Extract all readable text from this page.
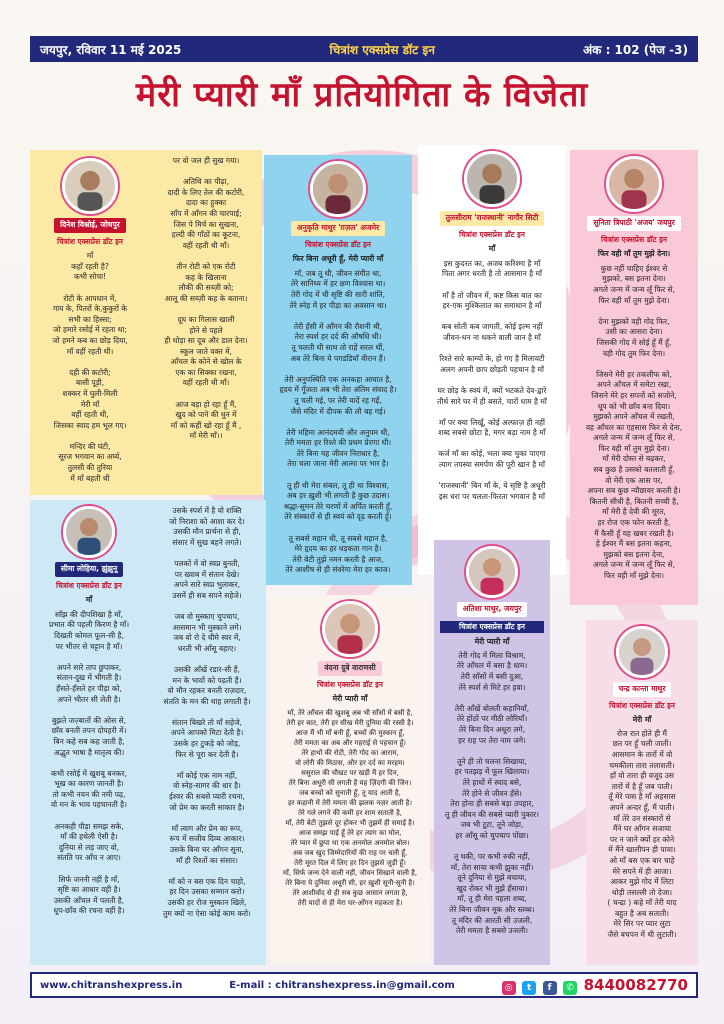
जयपुर, रविवार 11 मई 2025	चित्रांश एक्सप्रेस डॉट इन	अंक : 102 (पेज -3)
मेरी प्यारी माँ प्रतियोगिता के विजेता
दिनेश विश्नोई, जोधपुर
चित्रांश एक्सप्रेस डॉट इन

मॉं
कहाँ रहती है?
कभी सोचा!

रोटी के आपधान में,
गाय के, पितरों के,कुकुरों के
सभी का हिस्सा;
जो हमारे रसोई में रहता था;
जो हमने कब का छोड़ दिया,
मॉं वहीं रहती थी।

दही की कटोरी;
बासी पूड़ी,
शक्कर में घुली-मिली
मेरी मॉं
वहीं रहती थी,
जिसका स्वाद हम भूल गए।

मन्दिर की घंटी,
सूरज भगवान का अर्घ्य,
तुलसी की तुरिया
में मॉं बहती थी

पर वो जल ही सुख गया।

अतिथि का पीढ़ा,
दादी के लिए तेल की कटोरी,
दादा का हुक्का
सॉंप में ऑंगन की चारपाई;
जिस पे मिर्च का सुखना,
हल्दी की गाँठों का कूटना,
वहीं रहती थी मॉं।

तीन रोटी को एक रोटी
कह के खिलाना
लौकी की सब्ज़ी को;
आलू की सब्ज़ी कह के बताना।

दूध का गिलास खाली
होने से पहले
ही थोड़ा सा दूध और डाल देना।
स्कूल जाते वक्त में,
ऑंचल के कोने से खोल के
एक का सिक्का रखना,
वहीं रहती थी मॉं।

आज बड़ा हो रहा हूँ मैं,
खुद को पाने की धुन में
मॉं को कहीं खो रहा हूँ मैं ,
माँ मेरी मॉं।।

अनुकृति माथुर 'ग़ज़ल' अजमेर
चित्रांश एक्सप्रेस डॉट इन
फिर बिना अधूरी हूँ, मेरी प्यारी माँ

मॉं, जब तू थी, जीवन संगीत था,
तेरे सानिध्य में हर क्षण विश्वास था।
तेरी गोद में थी सृष्टि की सारी शांति,
तेरे स्नेह में हर पीड़ा का अवसान था।

तेरी हँसी में ऑंगन की रौशनी थी,
तेरा स्पर्श हर दर्द की औषधि थी।
तू चलती थी साथ तो राहें सरल थीं,
अब तेरे बिना ये पगडंडियाँ वीरान हैं।

तेरी अनुपस्थिति एक अनकहा आघात है,
हृदय में गूँजता अब भी तेरा अंतिम संवाद है।
तू चली गई, पर तेरी यादें रह गईं,
जैसे मंदिर में दीपक की लौ बह गई।

तेरी महिमा आनंदमयी और अनुपम थी,
तेरी ममता हर रिश्ते की प्रथम प्रेरणा थी।
तेरे बिना यह जीवन निराधार है,
तेरा चला जाना मेरी आत्मा पर भार है।

तू ही थी मेरा संबल, तू ही था विश्वास,
अब हर ख़ुशी भी लगती है कुछ उदास।
श्रद्धा-सुमन तेरे चरणों में अर्पित करती हूँ,
तेरे संस्कारों से ही स्वयं को दृढ़ करती हूँ।

तू सबसे महान थी, तू सबसे महान है,
मेरे हृदय का हर धड़कता गान है।
तेरी बेटी तुझे नमन करती है आज,
तेरे आशीष से ही संवरेगा मेरा हर काज।

तुलसीराम 'राजस्थानी' नागौर सिटी
चित्रांश एक्सप्रेस डॉट इन
माँ

इस कुदरत का, अजब करिश्मा है मॉं
पिता अगर धरती है तो आसमान है मॉं

मॉं है तो जीवन में, कष्ट किस बात का
हर-एक मुश्किलात का समाधान है मॉं

कब सोती कब जागती, कोई इल्म नहीं
जीवन-धन ना थकने वाली जान है मॉं

रिश्ते सारे काम्यों के, हो गए है मिलावटी
अलग अपनी छाप छोड़ती पहचान है मॉं

घर छोड़ के स्वयं में, क्यों भटकते देव-द्वारे
तीर्थ सारे घर में ही बसते, चारों धाम है मॉं

मॉं पर क्या लिखूँ, कोई अल्फ़ाज़ ही नहीं
शब्द सबसे छोटा है, मगर बड़ा नाम है मॉं

कर्ज मॉं का कोई, भला क्या चुका पाएगा
त्याग तपस्या समर्पण की पूरी खान है मॉं

'राजस्थानी' बिन मॉं के, ये सृष्टि है अधूरी
इस धरा पर चलता-फिरता भगवान है मॉं

सुनिता त्रिपाठी 'अजय' जयपुर
चित्रांश एक्सप्रेस डॉट इन
फिर वही माँ तुम मुझे देना।

कुछ नहीं चाहिए ईश्वर से
मुझको, बस इतना देना।
अगले जन्म में जन्म लूँ फिर से,
फिर वही मॉं तुम मुझे देना।

देना मुझको वही गोद फिर,
उसी का आसरा देना।
जिसकी गोद में सोई हूँ मैं हूँ,
वही गोद तुम फिर देना।

जिसने मेरी हर तकलीफ को,
अपने ऑंचल में समेटा रखा,
जिसने मेरे हर सपनों को सजोने,
धूप को भी छाँव बना दिया।
मुझको अपने ऑंचल में रखती,
वह ऑंचल का एहसास फिर से देना,
अगले जन्म में जन्म लूँ फिर से,
फिर वही मॉं तुम मुझे देना।
मॉं मेरी दोस्त से बढ़कर,
सब कुछ है उसको बतलाती हूँ,
वो मेरी एक आस पर,
अपना सब कुछ न्यौछावर करती है।
कितनी सीधी है, कितनी सच्ची है,
मॉं मेरी है देवी की मूरत,
हर रोज एक फोन करती है,
मैं कैसी हूँ यह खबर रखती है।
हे ईश्वर मैं बस इतना कहना,
मुझको बस इतना देना,
अगले जन्म में जन्म लूँ फिर से,
फिर वही मॉं मुझे देना।

सीमा लोहिया, झुंझुनू
चित्रांश एक्सप्रेस डॉट इन
माँ

सॉंझ की दीपशिखा है मॉं,
प्रभात की पहली किरण है मॉं।
दिखती कोमल फूल-सी है,
पर भीतर से चट्टान है मॉं।

अपने सारे ताप छुपाकर,
संतान-दुख में भीगती है।
हँसते-हँसते हर पीड़ा को,
अपने भीतर सी लेती है।

बुझते जज़्बातों की ओस से,
छाँव बनती तपन दोपहरी में।
बिन कहे सब कह जाती है,
अद्भुत भाषा है मातृत्व की।

कभी रसोई में खुशबू बनकर,
भूख का कारण जानती है।
तो कभी नयन की नमी पढ़,
वो मन के भाव पहचानती है।

अनकही पीड़ा समझ सके,
मॉं की हथेली ऐसी है।
दुनिया से लड़ जाए वो,
संतति पर ऑंच न आए।

सिर्फ जननी नहीं है मॉं,
सृष्टि का आधार वही है।
उसकी ऑंचल में पलती है,
धूप-छाँव की रचना वहीं है।

उसके स्पर्श में है वो शक्ति
जो निराशा को आशा कर दे।
उसकी मौन प्रार्थना से ही,
संसार में सुख बहने लगते।

पलकों में वो स्वप्न बुनती,
पर ख्वाब में संतान देखे।
अपने सारे स्वप्न भुलाकर,
उसमें ही सब सपने सहेजे।

जब वो मुस्काए चुपचाप,
आसमान भी मुस्काने लगे।
जब वो रो दे धीमे स्वर में,
धरती भी ऑंसू बहाए।

उसकी ऑंखें रडार-सी हैं,
मन के भावों को पढ़ती हैं।
वो मौन रहकर बनती राज़दार,
संतति के मन की थाह लगाती है।

संतान बिखरे तो मॉं सहेजे,
अपने आपको मिटा देती है।
उसके हर टुकड़े को जोड़,
फिर से पूरा कर देती है।

मॉं कोई एक नाम नहीं,
वो स्नेह-सागर की धार है।
ईश्वर की सबसे प्यारी रचना,
जो प्रेम का करती साकार है।

मॉं त्याग और प्रेम का रूप,
रूप में सजीव दिव्य आकार।
उसके बिना घर ऑंगन सूना,
मॉं ही रिश्तों का संसार।

मॉं को न बस एक दिन चाहो,
हर दिन उसका सम्मान करो।
उसकी हर रोज मुस्कान खिले,
तुम क्यों ना ऐसा कोई काम करो।

वंदना दुबे वाराणसी
चित्रांश एक्सप्रेस डॉट इन
मेरी प्यारी माँ

मॉं, तेरे ऑंचल की खुशबू अब भी सॉंसों में बसी है,
तेरी हर बात, तेरी हर सीख मेरी दुनिया की रस्सी है।
आज मैं भी मॉं बनी हूँ, बच्चों की मुस्कान हूँ,
तेरी ममता का अब और गहराई से पहचान हूँ।
तेरे हाथों की रोटी, तेरी गोद का आराम,
वो लोरी की मिठास, और हर दर्द का मरहम।
ससुराल की चौखट पर खड़ी मैं हर दिन,
तेरे बिना अधूरी सी लगती है यह ज़िंदगी की जिन।
जब बच्चों को सुनाती हूँ, तू याद आती है,
हर कहानी में तेरी ममता की झलक नज़र आती है।
तेरे गले लगने की कमी हर शाम सताती है,
मॉं, तेरी बेटी तुझसे दूर होकर भी तुझमें ही समाई है।
आज समझ पाई हूँ तेरे हर त्याग का मोल,
तेरे प्यार में छुपा था एक अनमोल अनमोल बोल।
अब जब खुद जिम्मेदारियों की राह पर चली हूँ,
तेरी मूरत दिल में लिए हर दिन तुझसे जुड़ी हूँ।
मॉं, सिर्फ जन्म देने वाली नहीं, जीवन सिखाने वाली है,
तेरे बिना ये दुनिया अधूरी सी, हर ख़ुशी सूनी-सूनी है।
तेरे आशीर्वाद से ही सब कुछ आसान लगता है,
तेरी यादों से ही मेरा घर-आँगन महकता है।

अतिशा माथुर, जयपुर
चित्रांश एक्सप्रेस डॉट इन
मेरी प्यारी माँ

तेरी गोद में मिला विश्राम,
तेरे ऑंचल में बसा है धाम।
तेरी सॉंसों में बसी दुआ,
तेरे स्पर्श से मिटे हर हवा।

तेरी ऑंखें बोलती कहानियाँ,
तेरे होंठों पर मीठी लोरियाँ।
तेरे बिना दिन अधूरा लगे,
हर राह पर तेरा नाम जगे।

तूने ही तो चलना सिखाया,
हर पतझड़ में फूल खिलाया।
तेरे हाथों में स्वाद बसे,
तेरे होने से जीवन हँसे।
तेरा होना ही सबसे बड़ा उपहार,
तू ही जीवन की सबसे प्यारी पुकार।
जब भी टूटा, तूने जोड़ा,
हर ऑंसू को चुपचाप पोंछा।

तू थकी, पर कभी रुकी नहीं,
मॉं, तेरा साया कभी झुका नहीं।
तूने दुनिया से मुझे बचाया,
खुद रोकर भी मुझे हँसाया।
मॉं, तू ही मेरा पहला शब्द,
तेरे बिना जीवन मूक और स्तब्ध।
तू मंदिर की आरती सी उजली,
तेरी ममता है सबसे उजली।

चन्द्र कान्ता माथुर
चित्रांश एक्सप्रेस डॉट इन
मेरी माँ

रोज रात होते ही मैं
छत पर हूँ चली जाती।
आसमान के तारों में वो
चमकीला तारा तलाशती।
हाँ वो तारा ही वजूद उस
तारों में है हूँ जब पाती।
तूँ मेरे पास है माँ अहसास
अपने अन्दर हूँ, मैं पाती।
मॉं तेरे उन संस्कारों से
मैंने घर ऑंगन सजाया
पर न जाने क्यों हर कोने
में मैंने खालीपन ही पाया।
ओ मॉं बस एक बार चाहे
मेरे सपने में ही आजा।
आकर मुझे गोद में लिटा
थोड़ी तसल्ली तो देजा।
( चन्द्रा ) कहे मॉं तेरी याद
बहुत है अब सताती।
मेरे सिर पर प्यार लुटा
जैसे बचपन में थी लुटाती।

www.chitranshexpress.in	E-mail : chitranshexpress.in@gmail.com	◎ t f ✆ 8440082770
